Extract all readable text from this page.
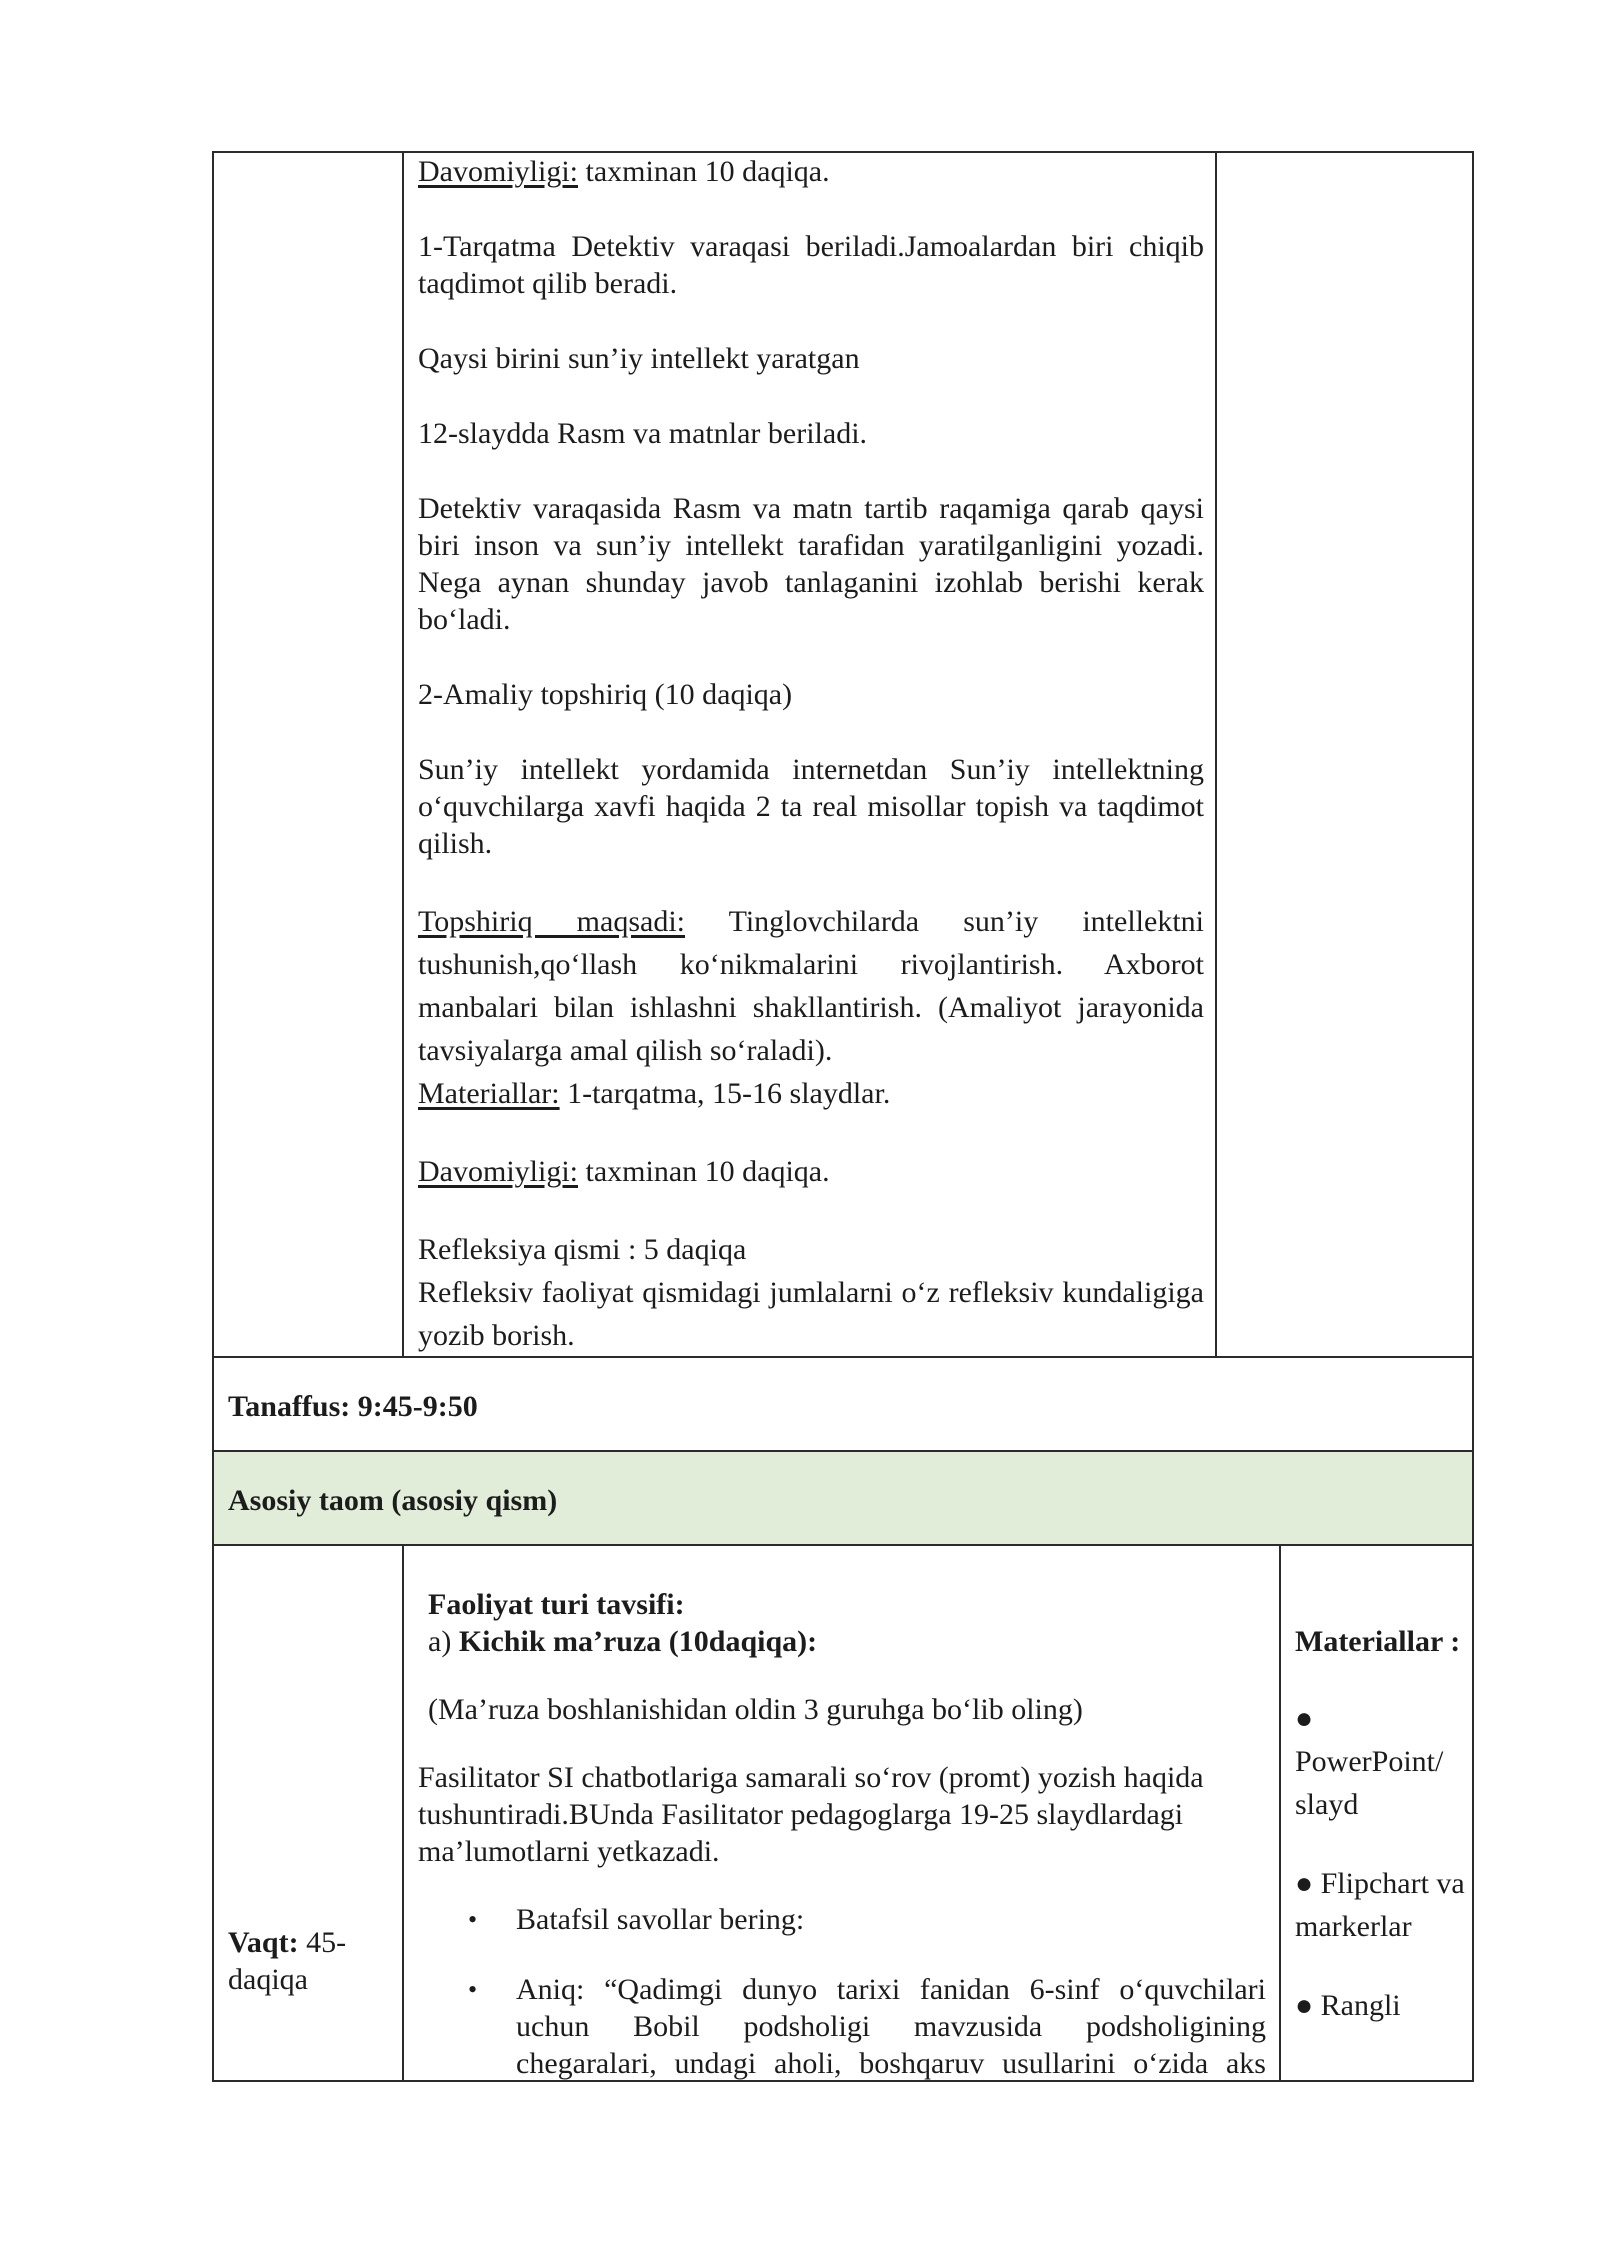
Davomiyligi: taxminan 10 daqiqa.

1-Tarqatma Detektiv varaqasi beriladi.Jamoalardan biri chiqib taqdimot qilib beradi.

Qaysi birini sun’iy intellekt yaratgan

12-slaydda Rasm va matnlar beriladi.

Detektiv varaqasida Rasm va matn tartib raqamiga qarab qaysi biri inson va sun’iy intellekt tarafidan yaratilganligini yozadi. Nega aynan shunday javob tanlaganini izohlab berishi kerak bo‘ladi.

2-Amaliy topshiriq (10 daqiqa)

Sun’iy intellekt yordamida internetdan Sun’iy intellektning o‘quvchilarga xavfi haqida 2 ta real misollar topish va taqdimot qilish.

Topshiriq maqsadi: Tinglovchilarda sun’iy intellektni tushunish,qo‘llash ko‘nikmalarini rivojlantirish. Axborot manbalari bilan ishlashni shakllantirish. (Amaliyot jarayonida tavsiyalarga amal qilish so‘raladi).

Materiallar: 1-tarqatma, 15-16 slaydlar.

Davomiyligi: taxminan 10 daqiqa.

Refleksiya qismi : 5 daqiqa

Refleksiv faoliyat qismidagi jumlalarni o‘z refleksiv kundaligiga yozib borish.

Tanaffus: 9:45-9:50
Asosiy taom (asosiy qism)
Vaqt: 45-daqiqa

Faoliyat turi tavsifi:

a) Kichik ma’ruza (10daqiqa):

(Ma’ruza boshlanishidan oldin 3 guruhga bo‘lib oling)

Fasilitator SI chatbotlariga samarali so‘rov (promt) yozish haqida tushuntiradi.BUnda Fasilitator pedagoglarga 19-25 slaydlardagi ma’lumotlarni yetkazadi.

• Batafsil savollar bering:
• Aniq: “Qadimgi dunyo tarixi fanidan 6-sinf o‘quvchilari uchun Bobil podsholigi mavzusida podsholigining chegaralari, undagi aholi, boshqaruv usullarini o‘zida aks

Materiallar :

● PowerPoint/ slayd

● Flipchart va markerlar

● Rangli
